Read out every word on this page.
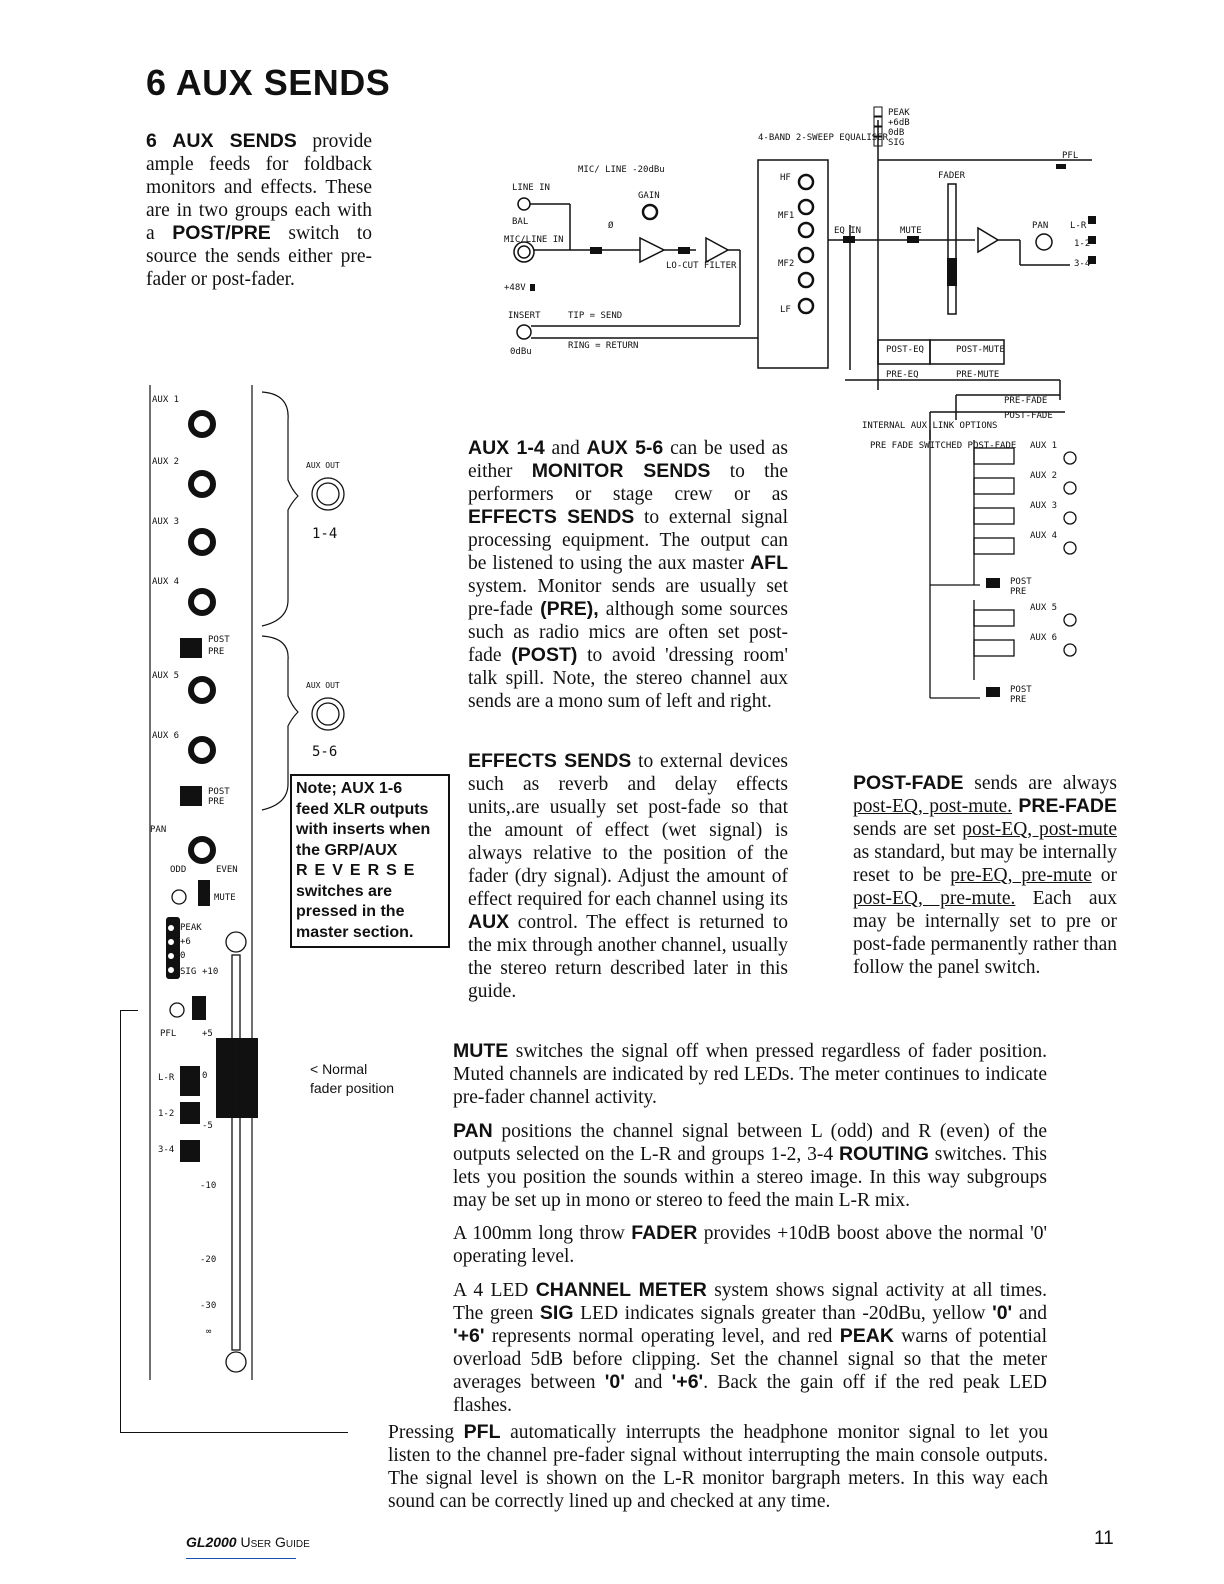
6 AUX SENDS
6 AUX SENDS provide ample feeds for foldback monitors and effects. These are in two groups each with a POST/PRE switch to source the sends either pre-fader or post-fader.
PEAK
+6dB
0dB
SIG
4-BAND 2-SWEEP EQUALISER
LINE IN
MIC/ LINE -20dBu
BAL
MIC/LINE IN
+48V
GAIN
Ø
LO-CUT FILTER
INSERT	TIP = SEND
RING = RETURN
0dBu
HF
MF1
MF2
LF
EQ IN	MUTE
FADER
PFL
PAN L-R
1-2
3-4
POST-EQ
PRE-EQ
POST-MUTE
PRE-MUTE
PRE-FADE
POST-FADE
INTERNAL AUX LINK OPTIONS
PRE FADE SWITCHED POST-FADE AUX 1
AUX 2
AUX 3
AUX 4
POST
PRE
AUX 5
AUX 6
POST
PRE
AUX 1
AUX 2
AUX 3
AUX 4
POST
PRE
AUX 5
AUX 6
POST
PRE
PAN
ODD	EVEN
MUTE
PEAK
+6
0
SIG
PFL
L-R
1-2
3-4
+10
+5
0
-5
-10
-20
-30
∞
AUX OUT
AUX OUT
1-4
5-6
Note; AUX 1-6
feed XLR outputs
with inserts when
the GRP/AUX
REVERSE
switches are
pressed in the
master section.
< Normal
fader position
AUX 1-4 and AUX 5-6 can be used as either MONITOR SENDS to the performers or stage crew or as EFFECTS SENDS to external signal processing equipment. The output can be listened to using the aux master AFL system. Monitor sends are usually set pre-fade (PRE), although some sources such as radio mics are often set post-fade (POST) to avoid 'dressing room' talk spill. Note, the stereo channel aux sends are a mono sum of left and right.
EFFECTS SENDS to external devices such as reverb and delay effects units,.are usually set post-fade so that the amount of effect (wet signal) is always relative to the position of the fader (dry signal). Adjust the amount of effect required for each channel using its AUX control. The effect is returned to the mix through another channel, usually the stereo return described later in this guide.
POST-FADE sends are always post-EQ, post-mute. PRE-FADE sends are set post-EQ, post-mute as standard, but may be internally reset to be pre-EQ, pre-mute or post-EQ, pre-mute. Each aux may be internally set to pre or post-fade permanently rather than follow the panel switch.
MUTE switches the signal off when pressed regardless of fader position. Muted channels are indicated by red LEDs. The meter continues to indicate pre-fader channel activity.
PAN positions the channel signal between L (odd) and R (even) of the outputs selected on the L-R and groups 1-2, 3-4 ROUTING switches. This lets you position the sounds within a stereo image. In this way subgroups may be set up in mono or stereo to feed the main L-R mix.
A 100mm long throw FADER provides +10dB boost above the normal '0' operating level.
A 4 LED CHANNEL METER system shows signal activity at all times. The green SIG LED indicates signals greater than -20dBu, yellow '0' and '+6' represents normal operating level, and red PEAK warns of potential overload 5dB before clipping. Set the channel signal so that the meter averages between '0' and '+6'. Back the gain off if the red peak LED flashes.
Pressing PFL automatically interrupts the headphone monitor signal to let you listen to the channel pre-fader signal without interrupting the main console outputs. The signal level is shown on the L-R monitor bargraph meters. In this way each sound can be correctly lined up and checked at any time.
GL2000 User Guide	11
